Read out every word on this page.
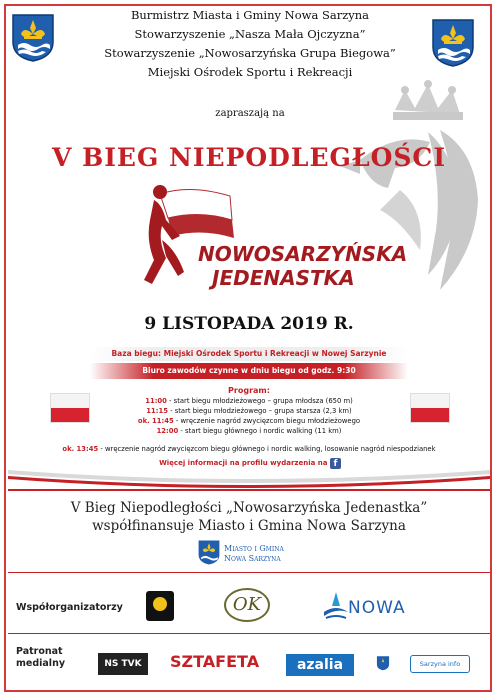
Burmistrz Miasta i Gminy Nowa Sarzyna
Stowarzyszenie „Nasza Mała Ojczyzna”
Stowarzyszenie „Nowosarzyńska Grupa Biegowa”
Miejski Ośrodek Sportu i Rekreacji
zapraszają na
V BIEG NIEPODLEGŁOŚCI
NOWOSARZYŃSKA
JEDENASTKA
9 LISTOPADA 2019 R.
Baza biegu: Miejski Ośrodek Sportu i Rekreacji w Nowej Sarzynie
Biuro zawodów czynne w dniu biegu od godz. 9:30
Program:
11:00 - start biegu młodzieżowego – grupa młodsza (650 m)
11:15 - start biegu młodzieżowego – grupa starsza (2,3 km)
ok. 11:45 - wręczenie nagród zwycięzcom biegu młodzieżowego
12:00 - start biegu głównego i nordic walking (11 km)
ok. 13:45 - wręczenie nagród zwycięzcom biegu głównego i nordic walking, losowanie nagród niespodzianek
Więcej informacji na profilu wydarzenia na f
V Bieg Niepodległości „Nowosarzyńska Jedenastka”
współfinansuje Miasto i Gmina Nowa Sarzyna
Miasto i Gmina
Nowa Sarzyna
Współorganizatorzy	OK	NOWA
Patronat medialny	NS TVK	SZTAFETA	azalia	Sarzyna info
